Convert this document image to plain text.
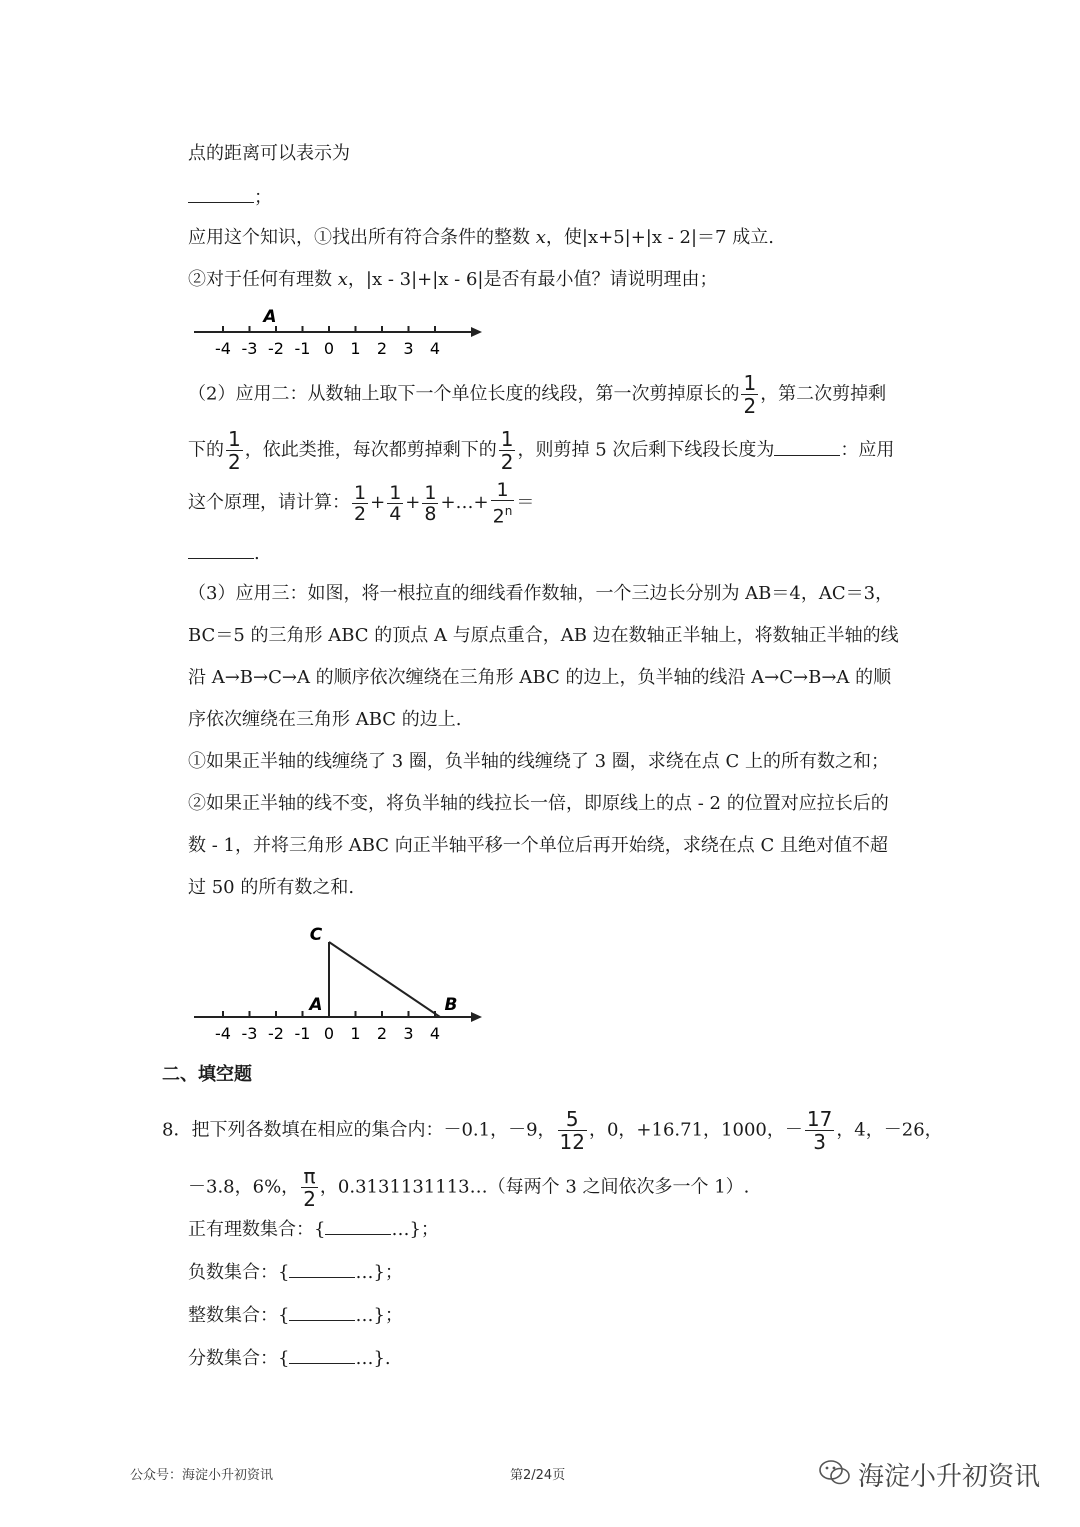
点的距离可以表示为
；
应用这个知识，①找出所有符合条件的整数 x，使|x+5|+|x - 2|＝7 成立.
②对于任何有理数 x，|x - 3|+|x - 6|是否有最小值？请说明理由；
-4 -3 -2 -1 0 1 2 3 4
A
（2）应用二：从数轴上取下一个单位长度的线段，第一次剪掉原长的 $\frac{1}{2}$ ，第二次剪掉剩
下的 $\frac{1}{2}$ ，依此类推，每次都剪掉剩下的 $\frac{1}{2}$ ，则剪掉 5 次后剩下线段长度为	：应用
这个原理，请计算： $\frac{1}{2} + \frac{1}{4} + \frac{1}{8}$ +…+ $\frac{1}{2^n}$ ＝
.
（3）应用三：如图，将一根拉直的细线看作数轴，一个三边长分别为 AB＝4，AC＝3，
BC＝5 的三角形 ABC 的顶点 A 与原点重合，AB 边在数轴正半轴上，将数轴正半轴的线
沿 A→B→C→A 的顺序依次缠绕在三角形 ABC 的边上，负半轴的线沿 A→C→B→A 的顺
序依次缠绕在三角形 ABC 的边上.
①如果正半轴的线缠绕了 3 圈，负半轴的线缠绕了 3 圈，求绕在点 C 上的所有数之和；
②如果正半轴的线不变，将负半轴的线拉长一倍，即原线上的点 - 2 的位置对应拉长后的
数 - 1，并将三角形 ABC 向正半轴平移一个单位后再开始绕，求绕在点 C 且绝对值不超
过 50 的所有数之和.
-4 -3 -2 -1 0 1 2 3 4
C
A	B
二、填空题
8．把下列各数填在相应的集合内：－0.1，－9， $\frac{5}{12}$ ，0，+16.71，1000，－ $\frac{17}{3}$ ，4，－26，
－3.8，6%， $\frac{\pi}{2}$ ，0.3131131113…（每两个 3 之间依次多一个 1）.
正有理数集合：{	…}；
负数集合：{	…}；
整数集合：{	…}；
分数集合：{	…}.
公众号：海淀小升初资讯	第2/24页	海淀小升初资讯
